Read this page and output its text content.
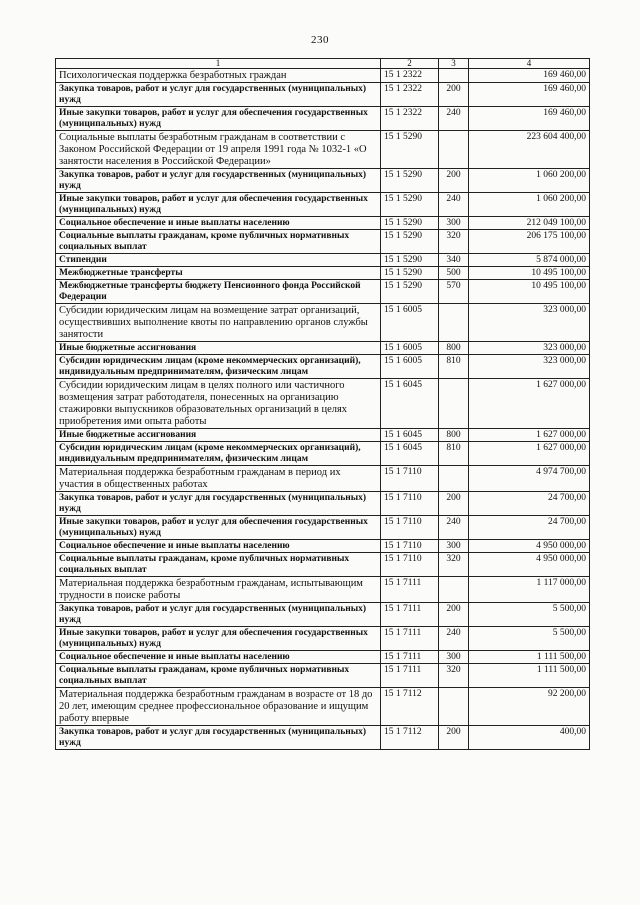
230
1	2	3	4
Психологическая поддержка безработных граждан	15 1 2322		169 460,00
Закупка товаров, работ и услуг для государственных (муниципальных) нужд	15 1 2322	200	169 460,00
Иные закупки товаров, работ и услуг для обеспечения государственных (муниципальных) нужд	15 1 2322	240	169 460,00
Социальные выплаты безработным гражданам в соответствии с Законом Российской Федерации от 19 апреля 1991 года № 1032-1 «О занятости населения в Российской Федерации»	15 1 5290		223 604 400,00
Закупка товаров, работ и услуг для государственных (муниципальных) нужд	15 1 5290	200	1 060 200,00
Иные закупки товаров, работ и услуг для обеспечения государственных (муниципальных) нужд	15 1 5290	240	1 060 200,00
Социальное обеспечение и иные выплаты населению	15 1 5290	300	212 049 100,00
Социальные выплаты гражданам, кроме публичных нормативных социальных выплат	15 1 5290	320	206 175 100,00
Стипендии	15 1 5290	340	5 874 000,00
Межбюджетные трансферты	15 1 5290	500	10 495 100,00
Межбюджетные трансферты бюджету Пенсионного фонда Российской Федерации	15 1 5290	570	10 495 100,00
Субсидии юридическим лицам на возмещение затрат организаций, осуществивших выполнение квоты по направлению органов службы занятости	15 1 6005		323 000,00
Иные бюджетные ассигнования	15 1 6005	800	323 000,00
Субсидии юридическим лицам (кроме некоммерческих организаций), индивидуальным предпринимателям, физическим лицам	15 1 6005	810	323 000,00
Субсидии юридическим лицам в целях полного или частичного возмещения затрат работодателя, понесенных на организацию стажировки выпускников образовательных организаций в целях приобретения ими опыта работы	15 1 6045		1 627 000,00
Иные бюджетные ассигнования	15 1 6045	800	1 627 000,00
Субсидии юридическим лицам (кроме некоммерческих организаций), индивидуальным предпринимателям, физическим лицам	15 1 6045	810	1 627 000,00
Материальная поддержка безработным гражданам в период их участия в общественных работах	15 1 7110		4 974 700,00
Закупка товаров, работ и услуг для государственных (муниципальных) нужд	15 1 7110	200	24 700,00
Иные закупки товаров, работ и услуг для обеспечения государственных (муниципальных) нужд	15 1 7110	240	24 700,00
Социальное обеспечение и иные выплаты населению	15 1 7110	300	4 950 000,00
Социальные выплаты гражданам, кроме публичных нормативных социальных выплат	15 1 7110	320	4 950 000,00
Материальная поддержка безработным гражданам, испытывающим трудности в поиске работы	15 1 7111		1 117 000,00
Закупка товаров, работ и услуг для государственных (муниципальных) нужд	15 1 7111	200	5 500,00
Иные закупки товаров, работ и услуг для обеспечения государственных (муниципальных) нужд	15 1 7111	240	5 500,00
Социальное обеспечение и иные выплаты населению	15 1 7111	300	1 111 500,00
Социальные выплаты гражданам, кроме публичных нормативных социальных выплат	15 1 7111	320	1 111 500,00
Материальная поддержка безработным гражданам в возрасте от 18 до 20 лет, имеющим среднее профессиональное образование и ищущим работу впервые	15 1 7112		92 200,00
Закупка товаров, работ и услуг для государственных (муниципальных) нужд	15 1 7112	200	400,00
